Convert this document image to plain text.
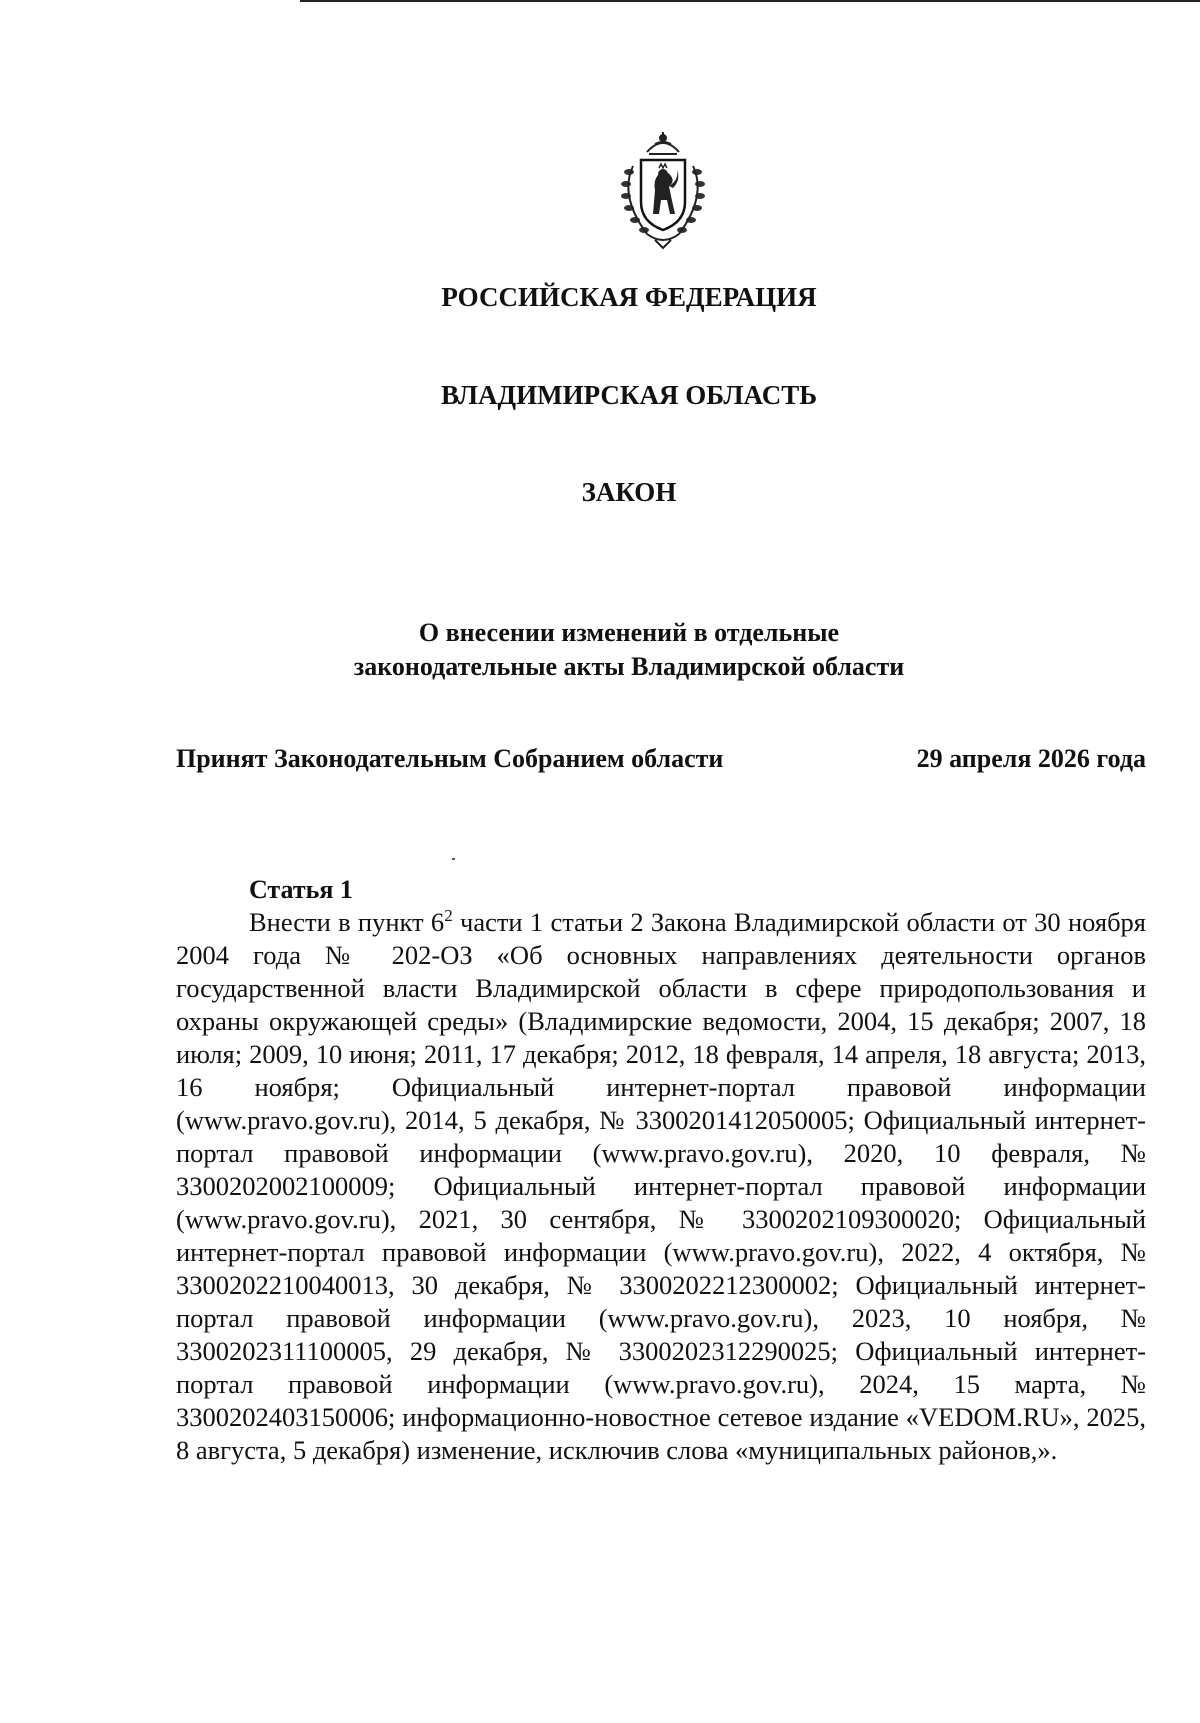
РОССИЙСКАЯ ФЕДЕРАЦИЯ

ВЛАДИМИРСКАЯ ОБЛАСТЬ

ЗАКОН

О внесении изменений в отдельные
законодательные акты Владимирской области

Принят Законодательным Собранием области	29 апреля 2026 года

Статья 1

Внести в пункт $6^2$ части 1 статьи 2 Закона Владимирской области от 30 ноября 2004 года № 202-ОЗ «Об основных направлениях деятельности органов государственной власти Владимирской области в сфере природопользования и охраны окружающей среды» (Владимирские ведомости, 2004, 15 декабря; 2007, 18 июля; 2009, 10 июня; 2011, 17 декабря; 2012, 18 февраля, 14 апреля, 18 августа; 2013, 16 ноября; Официальный интернет-портал правовой информации (www.pravo.gov.ru), 2014, 5 декабря, № 3300201412050005; Официальный интернет-портал правовой информации (www.pravo.gov.ru), 2020, 10 февраля, № 3300202002100009; Официальный интернет-портал правовой информации (www.pravo.gov.ru), 2021, 30 сентября, № 3300202109300020; Официальный интернет-портал правовой информации (www.pravo.gov.ru), 2022, 4 октября, № 3300202210040013, 30 декабря, № 3300202212300002; Официальный интернет-портал правовой информации (www.pravo.gov.ru), 2023, 10 ноября, № 3300202311100005, 29 декабря, № 3300202312290025; Официальный интернет-портал правовой информации (www.pravo.gov.ru), 2024, 15 марта, № 3300202403150006; информационно-новостное сетевое издание «VEDOM.RU», 2025, 8 августа, 5 декабря) изменение, исключив слова «муниципальных районов,».
